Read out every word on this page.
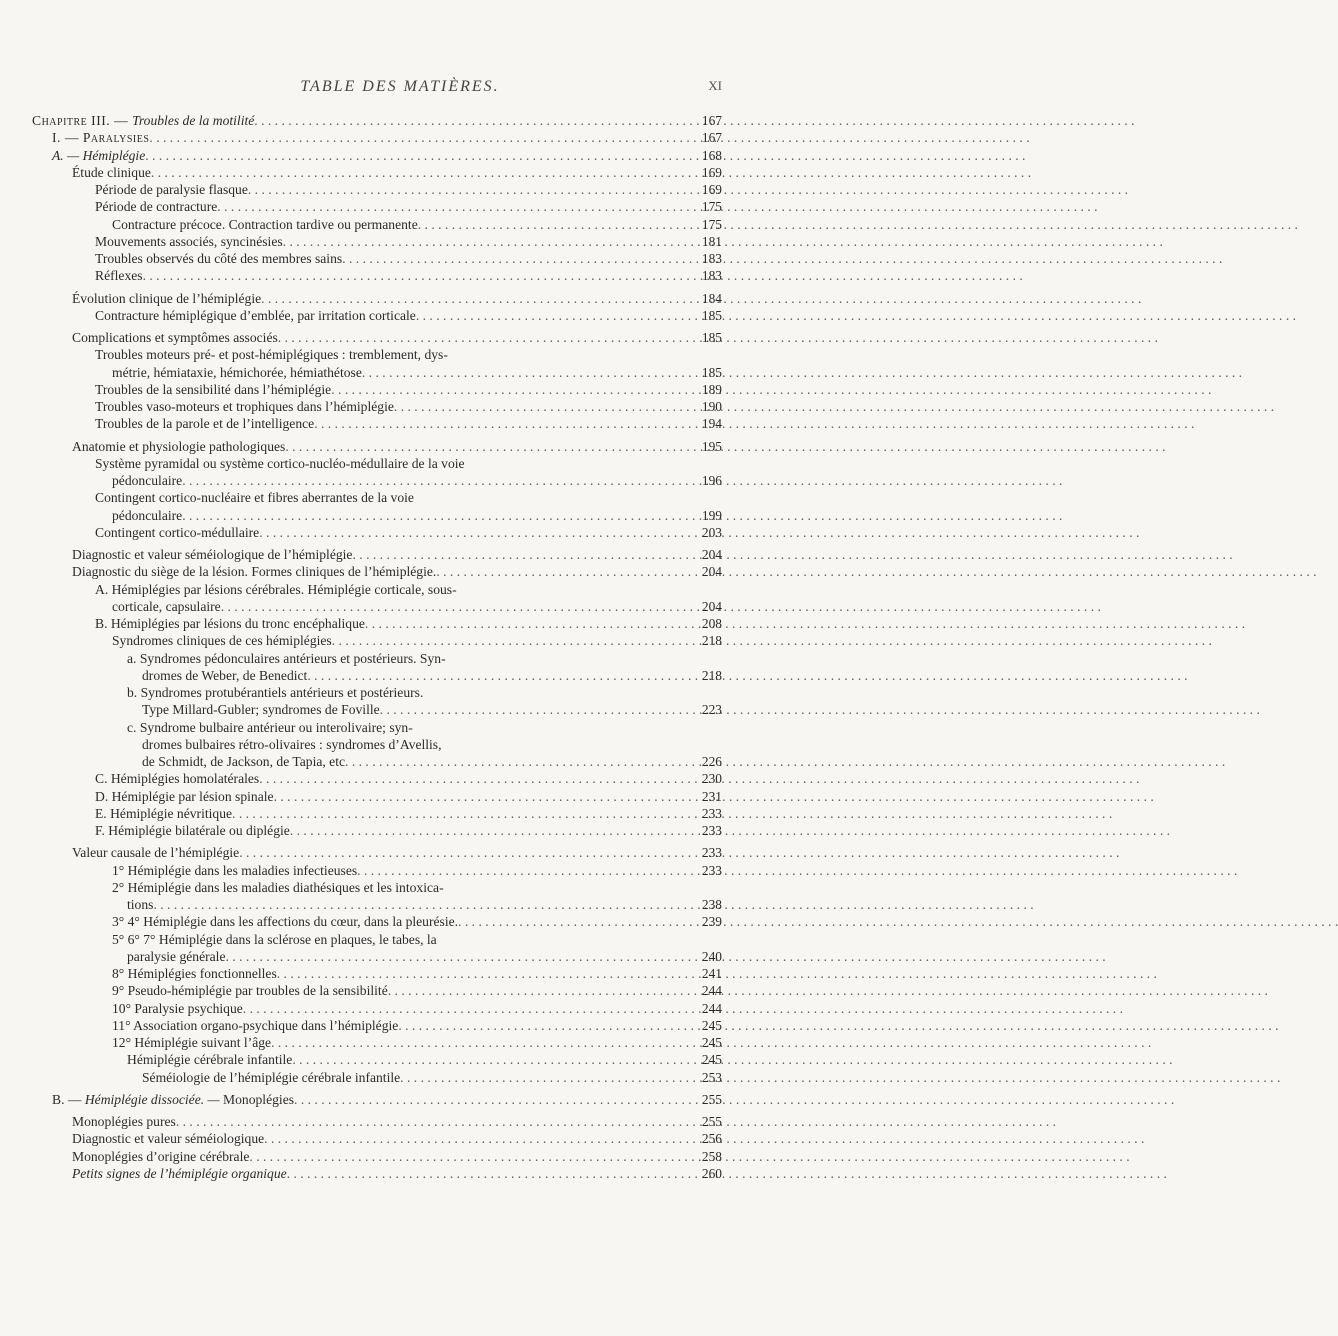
TABLE DES MATIÈRES.	XI
Chapitre III. — Troubles de la motilité . . .	167
I. — Paralysies . . .	167
A. — Hémiplégie . . .	168
Étude clinique . . .	169
Période de paralysie flasque . . .	169
Période de contracture . . .	175
Contracture précoce. Contraction tardive ou permanente . . .	175
Mouvements associés, syncinésies . . .	181
Troubles observés du côté des membres sains . . .	183
Réflexes . . .	183
Évolution clinique de l’hémiplégie . . .	184
Contracture hémiplégique d’emblée, par irritation corticale . . .	185
Complications et symptômes associés . . .	185
Troubles moteurs pré- et post-hémiplégiques : tremblement, dys-
métrie, hémiataxie, hémichorée, hémiathétose . . .	185
Troubles de la sensibilité dans l’hémiplégie . . .	189
Troubles vaso-moteurs et trophiques dans l’hémiplégie . . .	190
Troubles de la parole et de l’intelligence . . .	194
Anatomie et physiologie pathologiques . . .	195
Système pyramidal ou système cortico-nucléo-médullaire de la voie
pédonculaire . . .	196
Contingent cortico-nucléaire et fibres aberrantes de la voie
pédonculaire . . .	199
Contingent cortico-médullaire . . .	203
Diagnostic et valeur séméiologique de l’hémiplégie . . .	204
Diagnostic du siège de la lésion. Formes cliniques de l’hémiplégie. . . .	204
A. Hémiplégies par lésions cérébrales. Hémiplégie corticale, sous-
corticale, capsulaire . . .	204
B. Hémiplégies par lésions du tronc encéphalique . . .	208
Syndromes cliniques de ces hémiplégies . . .	218
a. Syndromes pédonculaires antérieurs et postérieurs. Syn-
dromes de Weber, de Benedict . . .	218
b. Syndromes protubérantiels antérieurs et postérieurs.
Type Millard-Gubler; syndromes de Foville . . .	223
c. Syndrome bulbaire antérieur ou interolivaire; syn-
dromes bulbaires rétro-olivaires : syndromes d’Avellis,
de Schmidt, de Jackson, de Tapia, etc . . .	226
C. Hémiplégies homolatérales . . .	230
D. Hémiplégie par lésion spinale . . .	231
E. Hémiplégie névritique . . .	233
F. Hémiplégie bilatérale ou diplégie . . .	233
Valeur causale de l’hémiplégie . . .	233
1° Hémiplégie dans les maladies infectieuses . . .	233
2° Hémiplégie dans les maladies diathésiques et les intoxica-
tions . . .	238
3° 4° Hémiplégie dans les affections du cœur, dans la pleurésie. . . .	239
5° 6° 7° Hémiplégie dans la sclérose en plaques, le tabes, la
paralysie générale . . .	240
8° Hémiplégies fonctionnelles . . .	241
9° Pseudo-hémiplégie par troubles de la sensibilité . . .	244
10° Paralysie psychique . . .	244
11° Association organo-psychique dans l’hémiplégie . . .	245
12° Hémiplégie suivant l’âge . . .	245
Hémiplégie cérébrale infantile . . .	245
Séméiologie de l’hémiplégie cérébrale infantile . . .	253
B. — Hémiplégie dissociée. — Monoplégies . . .	255
Monoplégies pures . . .	255
Diagnostic et valeur séméiologique . . .	256
Monoplégies d’origine cérébrale . . .	258
Petits signes de l’hémiplégie organique . . .	260
